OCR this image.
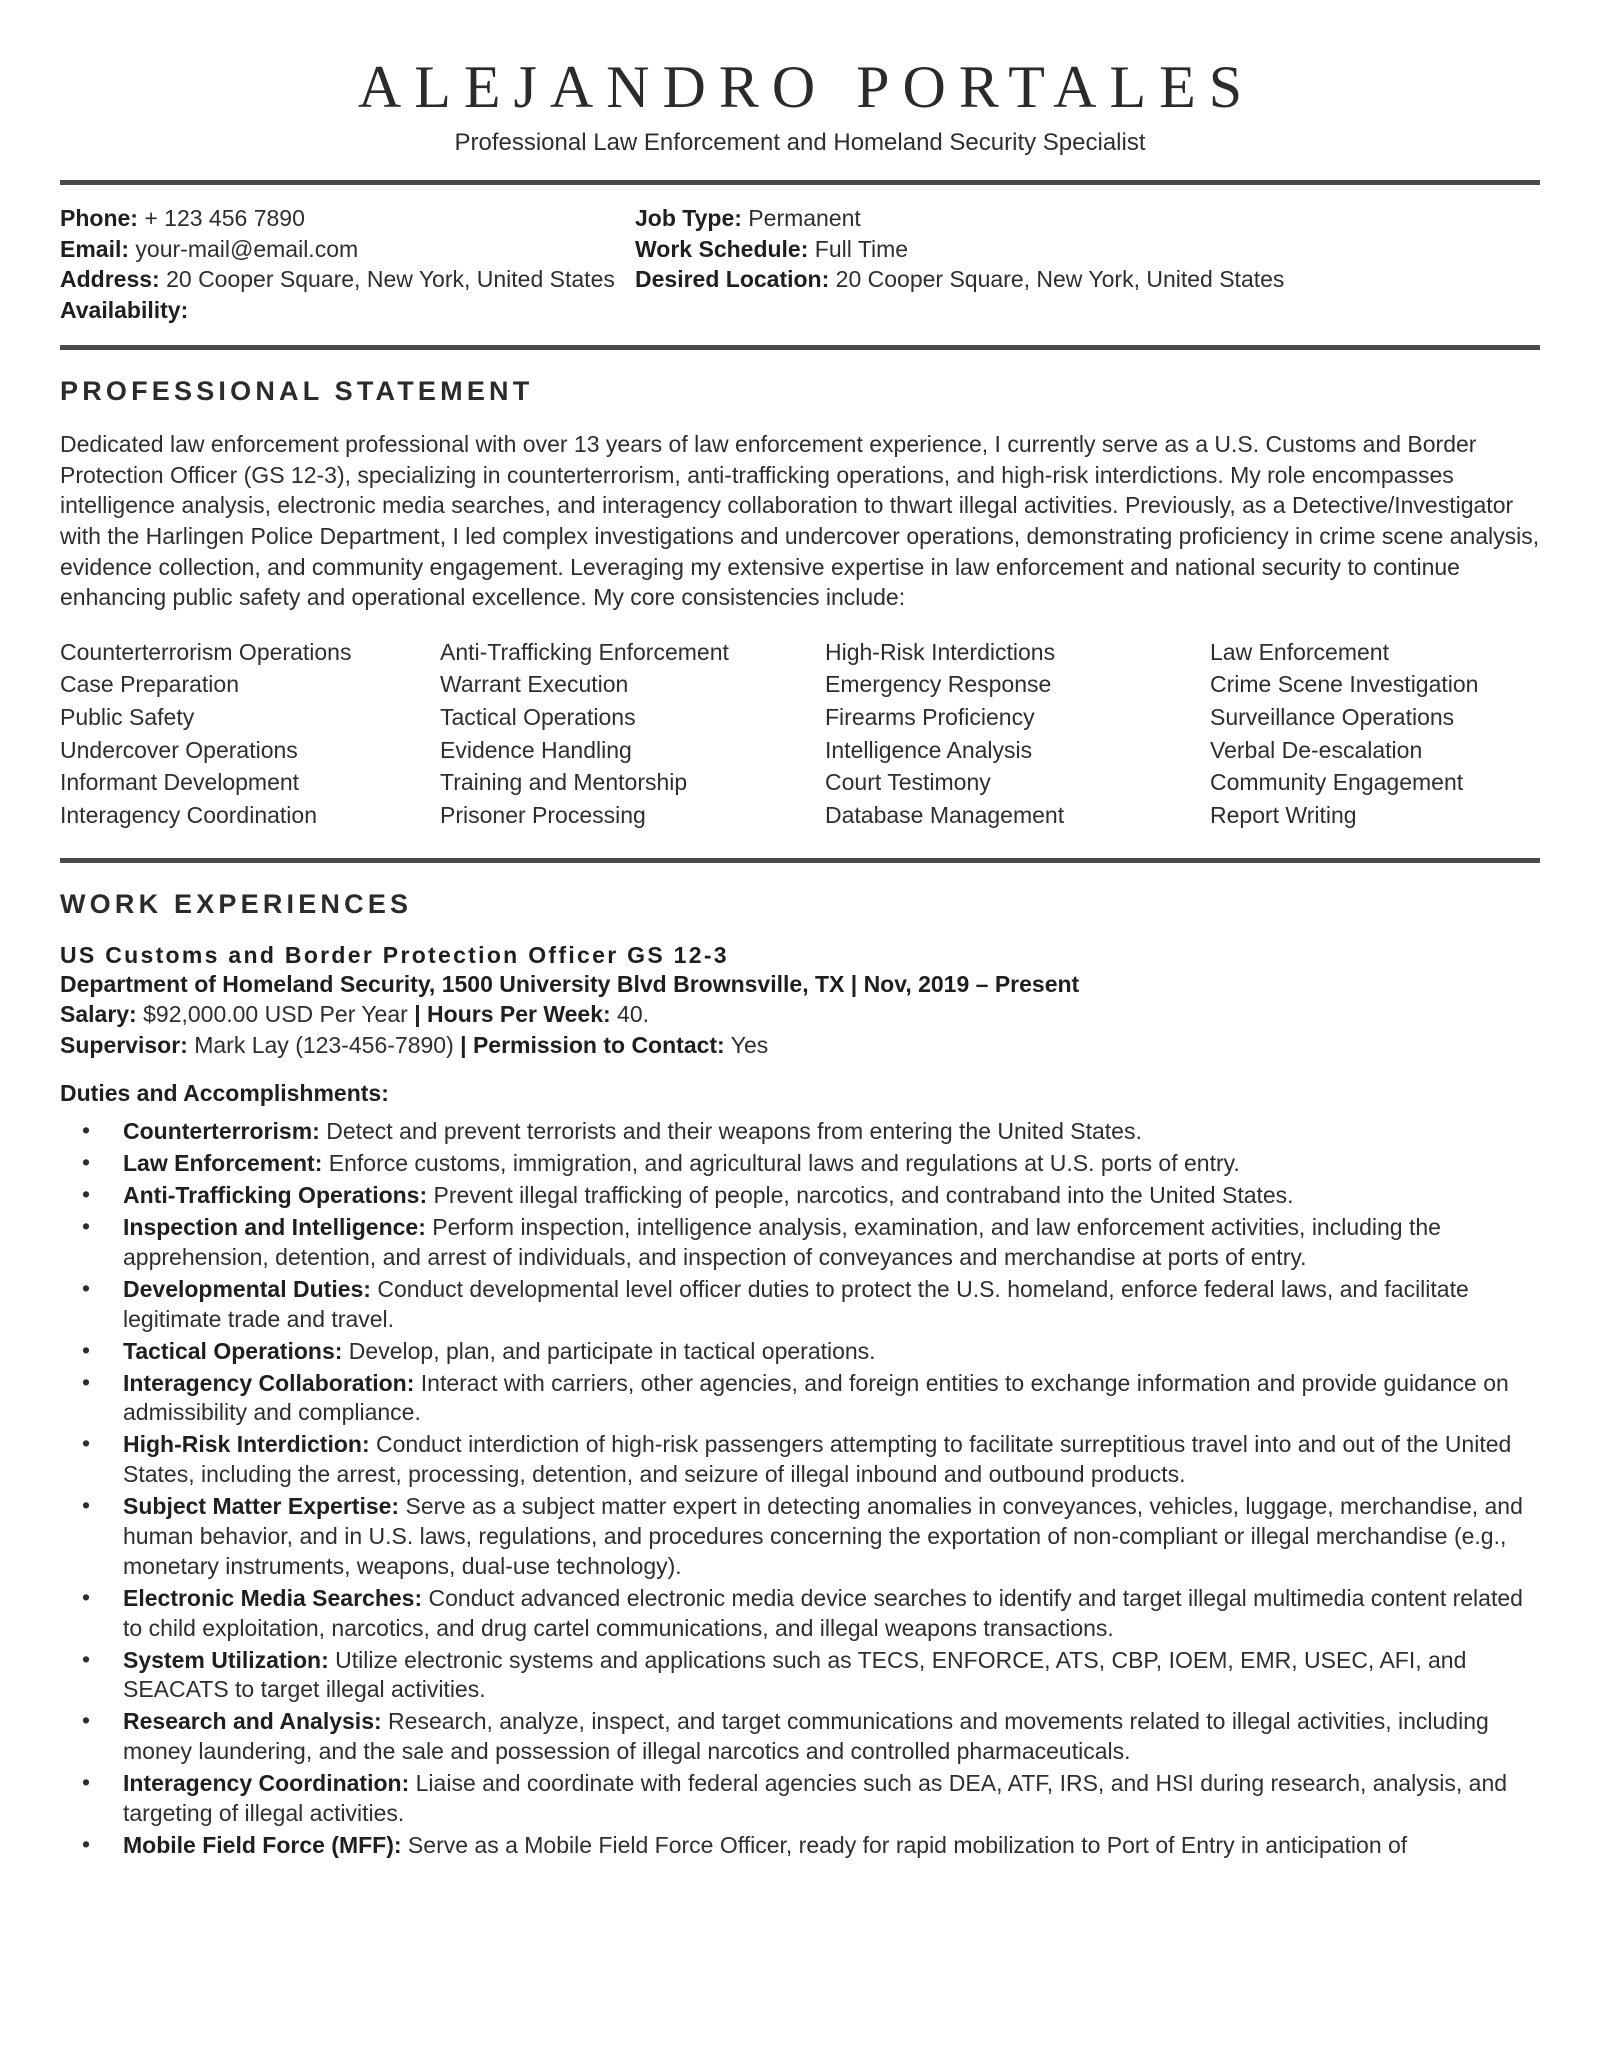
ALEJANDRO PORTALES
Professional Law Enforcement and Homeland Security Specialist
Phone: + 123 456 7890
Email: your-mail@email.com
Address: 20 Cooper Square, New York, United States
Availability:
Job Type: Permanent
Work Schedule: Full Time
Desired Location: 20 Cooper Square, New York, United States
PROFESSIONAL STATEMENT

Dedicated law enforcement professional with over 13 years of law enforcement experience, I currently serve as a U.S. Customs and Border Protection Officer (GS 12-3), specializing in counterterrorism, anti-trafficking operations, and high-risk interdictions. My role encompasses intelligence analysis, electronic media searches, and interagency collaboration to thwart illegal activities. Previously, as a Detective/Investigator with the Harlingen Police Department, I led complex investigations and undercover operations, demonstrating proficiency in crime scene analysis, evidence collection, and community engagement. Leveraging my extensive expertise in law enforcement and national security to continue enhancing public safety and operational excellence. My core consistencies include:

Counterterrorism Operations	Anti-Trafficking Enforcement	High-Risk Interdictions	Law Enforcement
Case Preparation	Warrant Execution	Emergency Response	Crime Scene Investigation
Public Safety	Tactical Operations	Firearms Proficiency	Surveillance Operations
Undercover Operations	Evidence Handling	Intelligence Analysis	Verbal De-escalation
Informant Development	Training and Mentorship	Court Testimony	Community Engagement
Interagency Coordination	Prisoner Processing	Database Management	Report Writing
WORK EXPERIENCES
US Customs and Border Protection Officer GS 12-3
Department of Homeland Security, 1500 University Blvd Brownsville, TX | Nov, 2019 – Present
Salary: $92,000.00 USD Per Year | Hours Per Week: 40.
Supervisor: Mark Lay (123-456-7890) | Permission to Contact: Yes
Duties and Accomplishments:
• Counterterrorism: Detect and prevent terrorists and their weapons from entering the United States.
• Law Enforcement: Enforce customs, immigration, and agricultural laws and regulations at U.S. ports of entry.
• Anti-Trafficking Operations: Prevent illegal trafficking of people, narcotics, and contraband into the United States.
• Inspection and Intelligence: Perform inspection, intelligence analysis, examination, and law enforcement activities, including the apprehension, detention, and arrest of individuals, and inspection of conveyances and merchandise at ports of entry.
• Developmental Duties: Conduct developmental level officer duties to protect the U.S. homeland, enforce federal laws, and facilitate legitimate trade and travel.
• Tactical Operations: Develop, plan, and participate in tactical operations.
• Interagency Collaboration: Interact with carriers, other agencies, and foreign entities to exchange information and provide guidance on admissibility and compliance.
• High-Risk Interdiction: Conduct interdiction of high-risk passengers attempting to facilitate surreptitious travel into and out of the United States, including the arrest, processing, detention, and seizure of illegal inbound and outbound products.
• Subject Matter Expertise: Serve as a subject matter expert in detecting anomalies in conveyances, vehicles, luggage, merchandise, and human behavior, and in U.S. laws, regulations, and procedures concerning the exportation of non-compliant or illegal merchandise (e.g., monetary instruments, weapons, dual-use technology).
• Electronic Media Searches: Conduct advanced electronic media device searches to identify and target illegal multimedia content related to child exploitation, narcotics, and drug cartel communications, and illegal weapons transactions.
• System Utilization: Utilize electronic systems and applications such as TECS, ENFORCE, ATS, CBP, IOEM, EMR, USEC, AFI, and SEACATS to target illegal activities.
• Research and Analysis: Research, analyze, inspect, and target communications and movements related to illegal activities, including money laundering, and the sale and possession of illegal narcotics and controlled pharmaceuticals.
• Interagency Coordination: Liaise and coordinate with federal agencies such as DEA, ATF, IRS, and HSI during research, analysis, and targeting of illegal activities.
• Mobile Field Force (MFF): Serve as a Mobile Field Force Officer, ready for rapid mobilization to Port of Entry in anticipation of
